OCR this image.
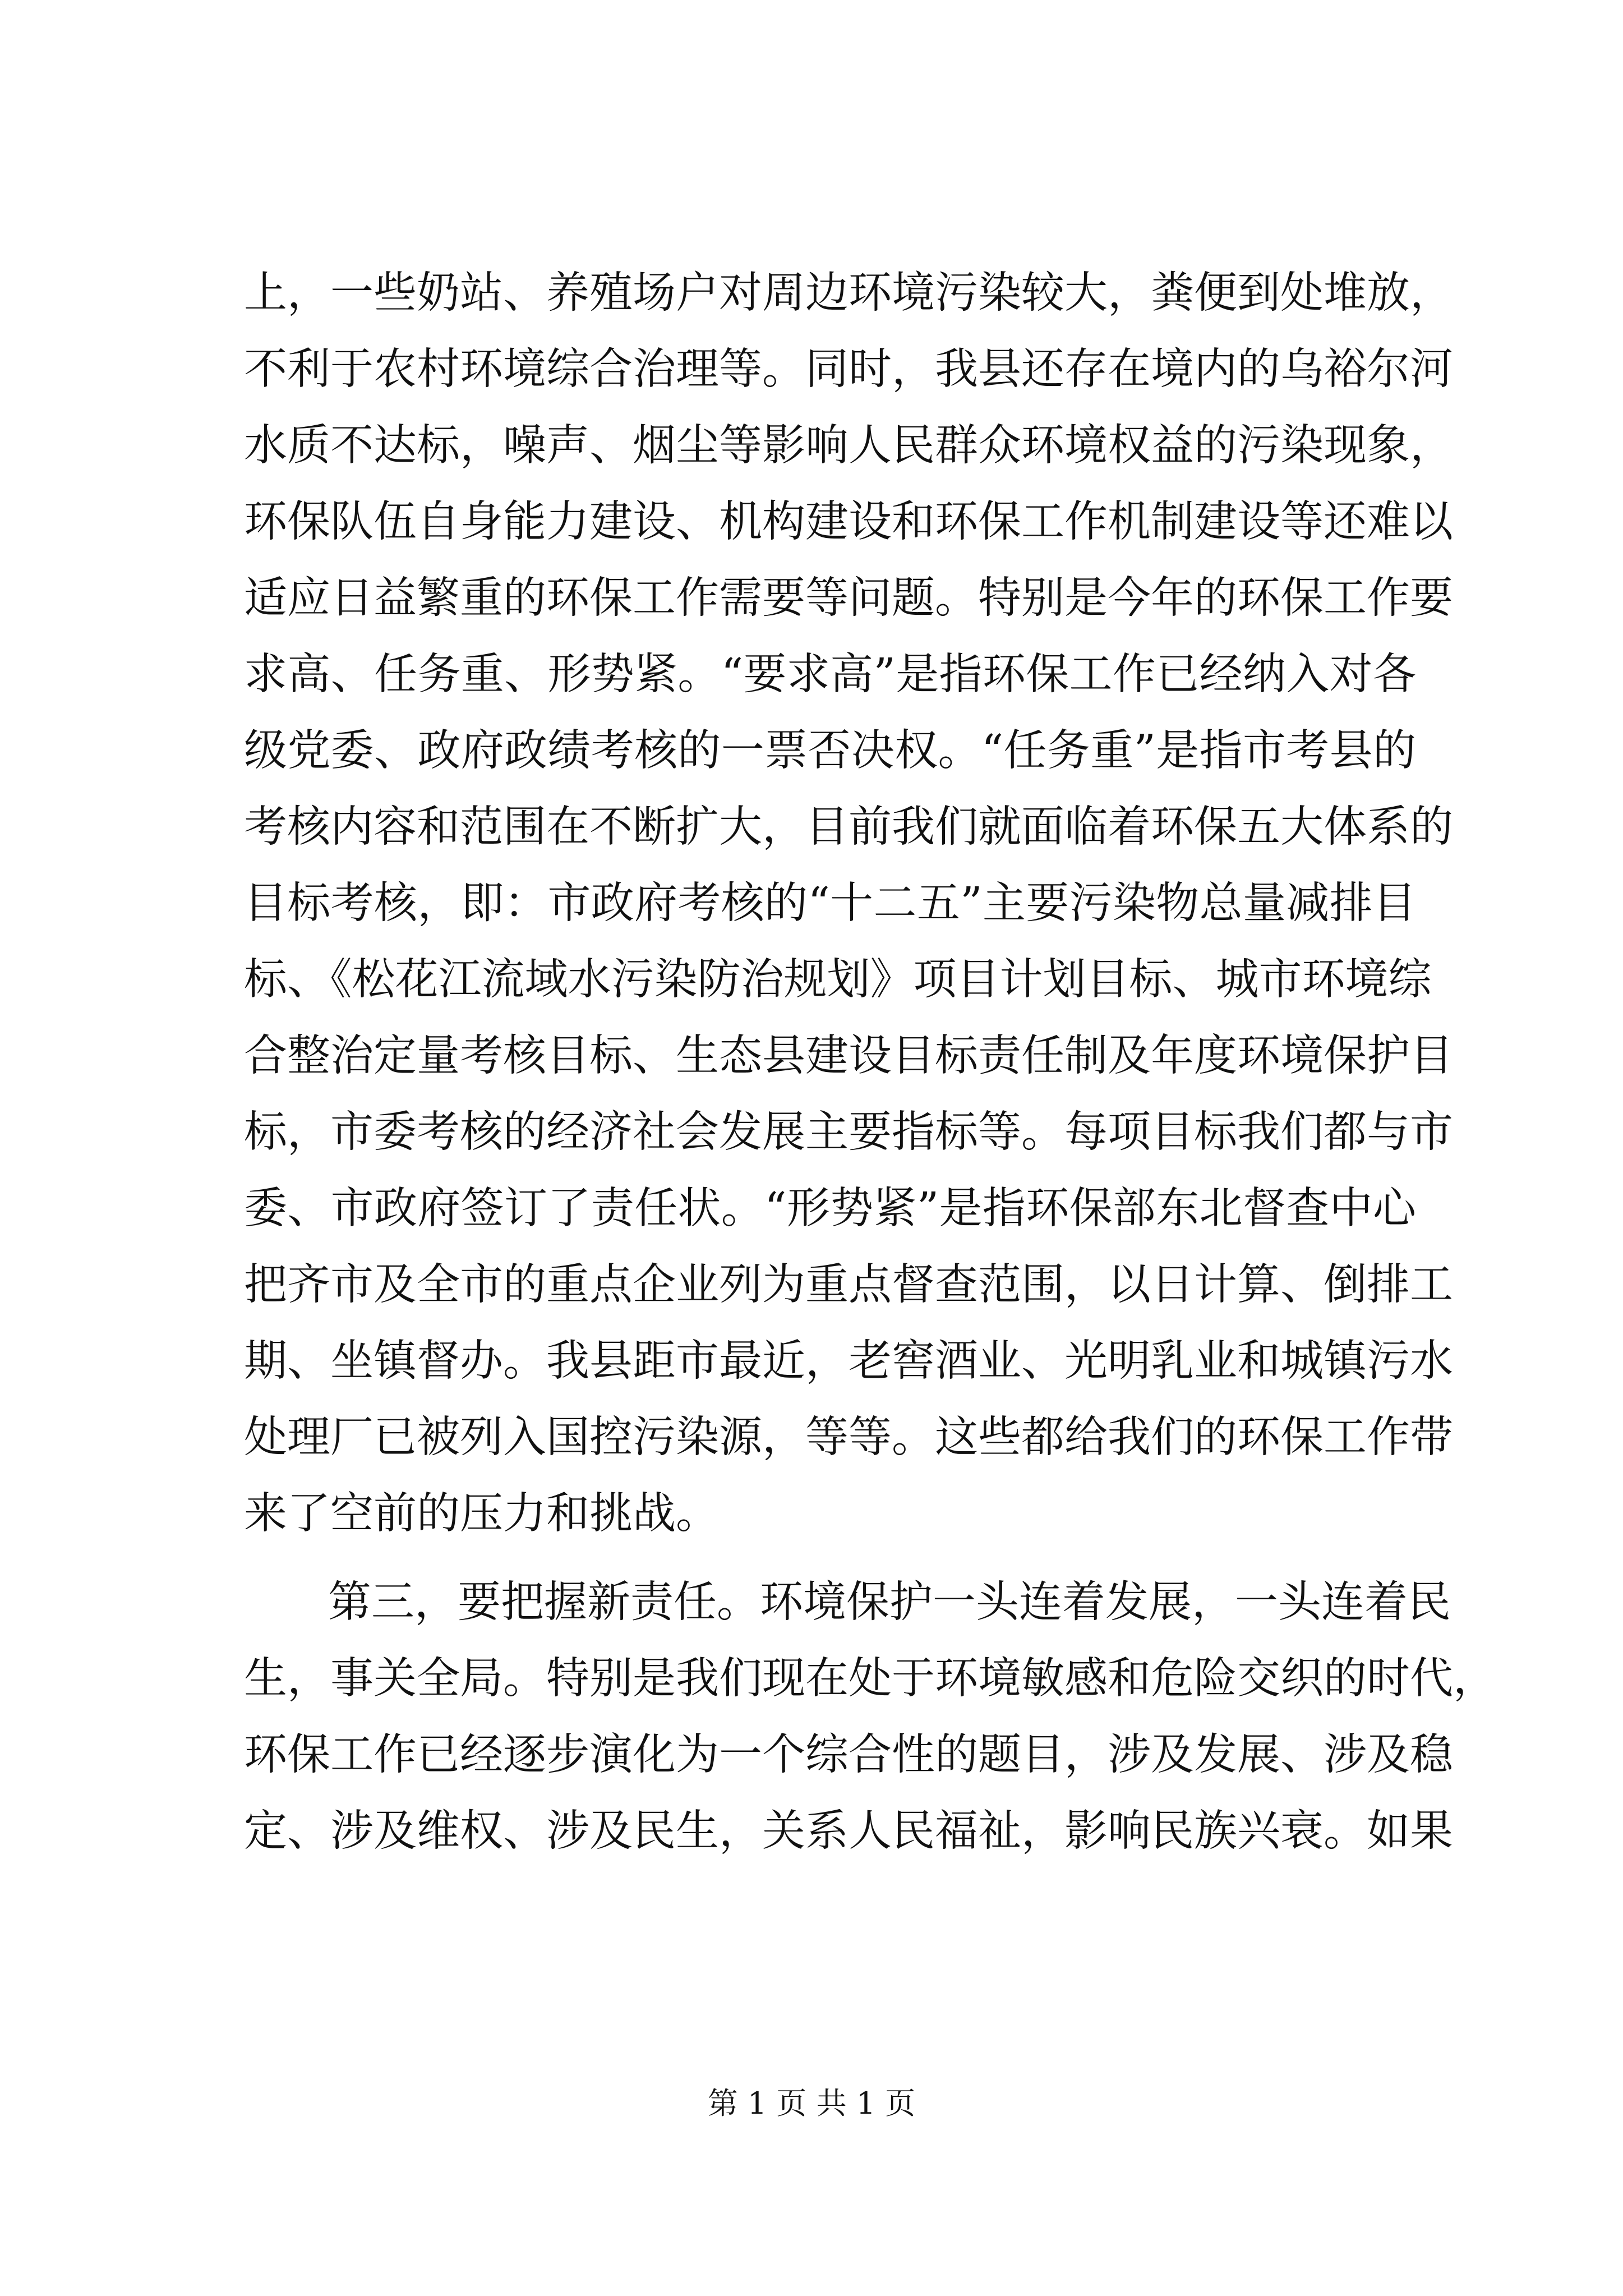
上，一些奶站、养殖场户对周边环境污染较大，粪便到处堆放，
不利于农村环境综合治理等。同时，我县还存在境内的乌裕尔河
水质不达标，噪声、烟尘等影响人民群众环境权益的污染现象，
环保队伍自身能力建设、机构建设和环保工作机制建设等还难以
适应日益繁重的环保工作需要等问题。特别是今年的环保工作要
求高、任务重、形势紧。“要求高”是指环保工作已经纳入对各
级党委、政府政绩考核的一票否决权。“任务重”是指市考县的
考核内容和范围在不断扩大，目前我们就面临着环保五大体系的
目标考核，即：市政府考核的“十二五”主要污染物总量减排目
标、《松花江流域水污染防治规划》项目计划目标、城市环境综
合整治定量考核目标、生态县建设目标责任制及年度环境保护目
标，市委考核的经济社会发展主要指标等。每项目标我们都与市
委、市政府签订了责任状。“形势紧”是指环保部东北督查中心
把齐市及全市的重点企业列为重点督查范围，以日计算、倒排工
期、坐镇督办。我县距市最近，老窖酒业、光明乳业和城镇污水
处理厂已被列入国控污染源，等等。这些都给我们的环保工作带
来了空前的压力和挑战。
第三，要把握新责任。环境保护一头连着发展，一头连着民
生，事关全局。特别是我们现在处于环境敏感和危险交织的时代，
环保工作已经逐步演化为一个综合性的题目，涉及发展、涉及稳
定、涉及维权、涉及民生，关系人民福祉，影响民族兴衰。如果
第 1 页 共 1 页
